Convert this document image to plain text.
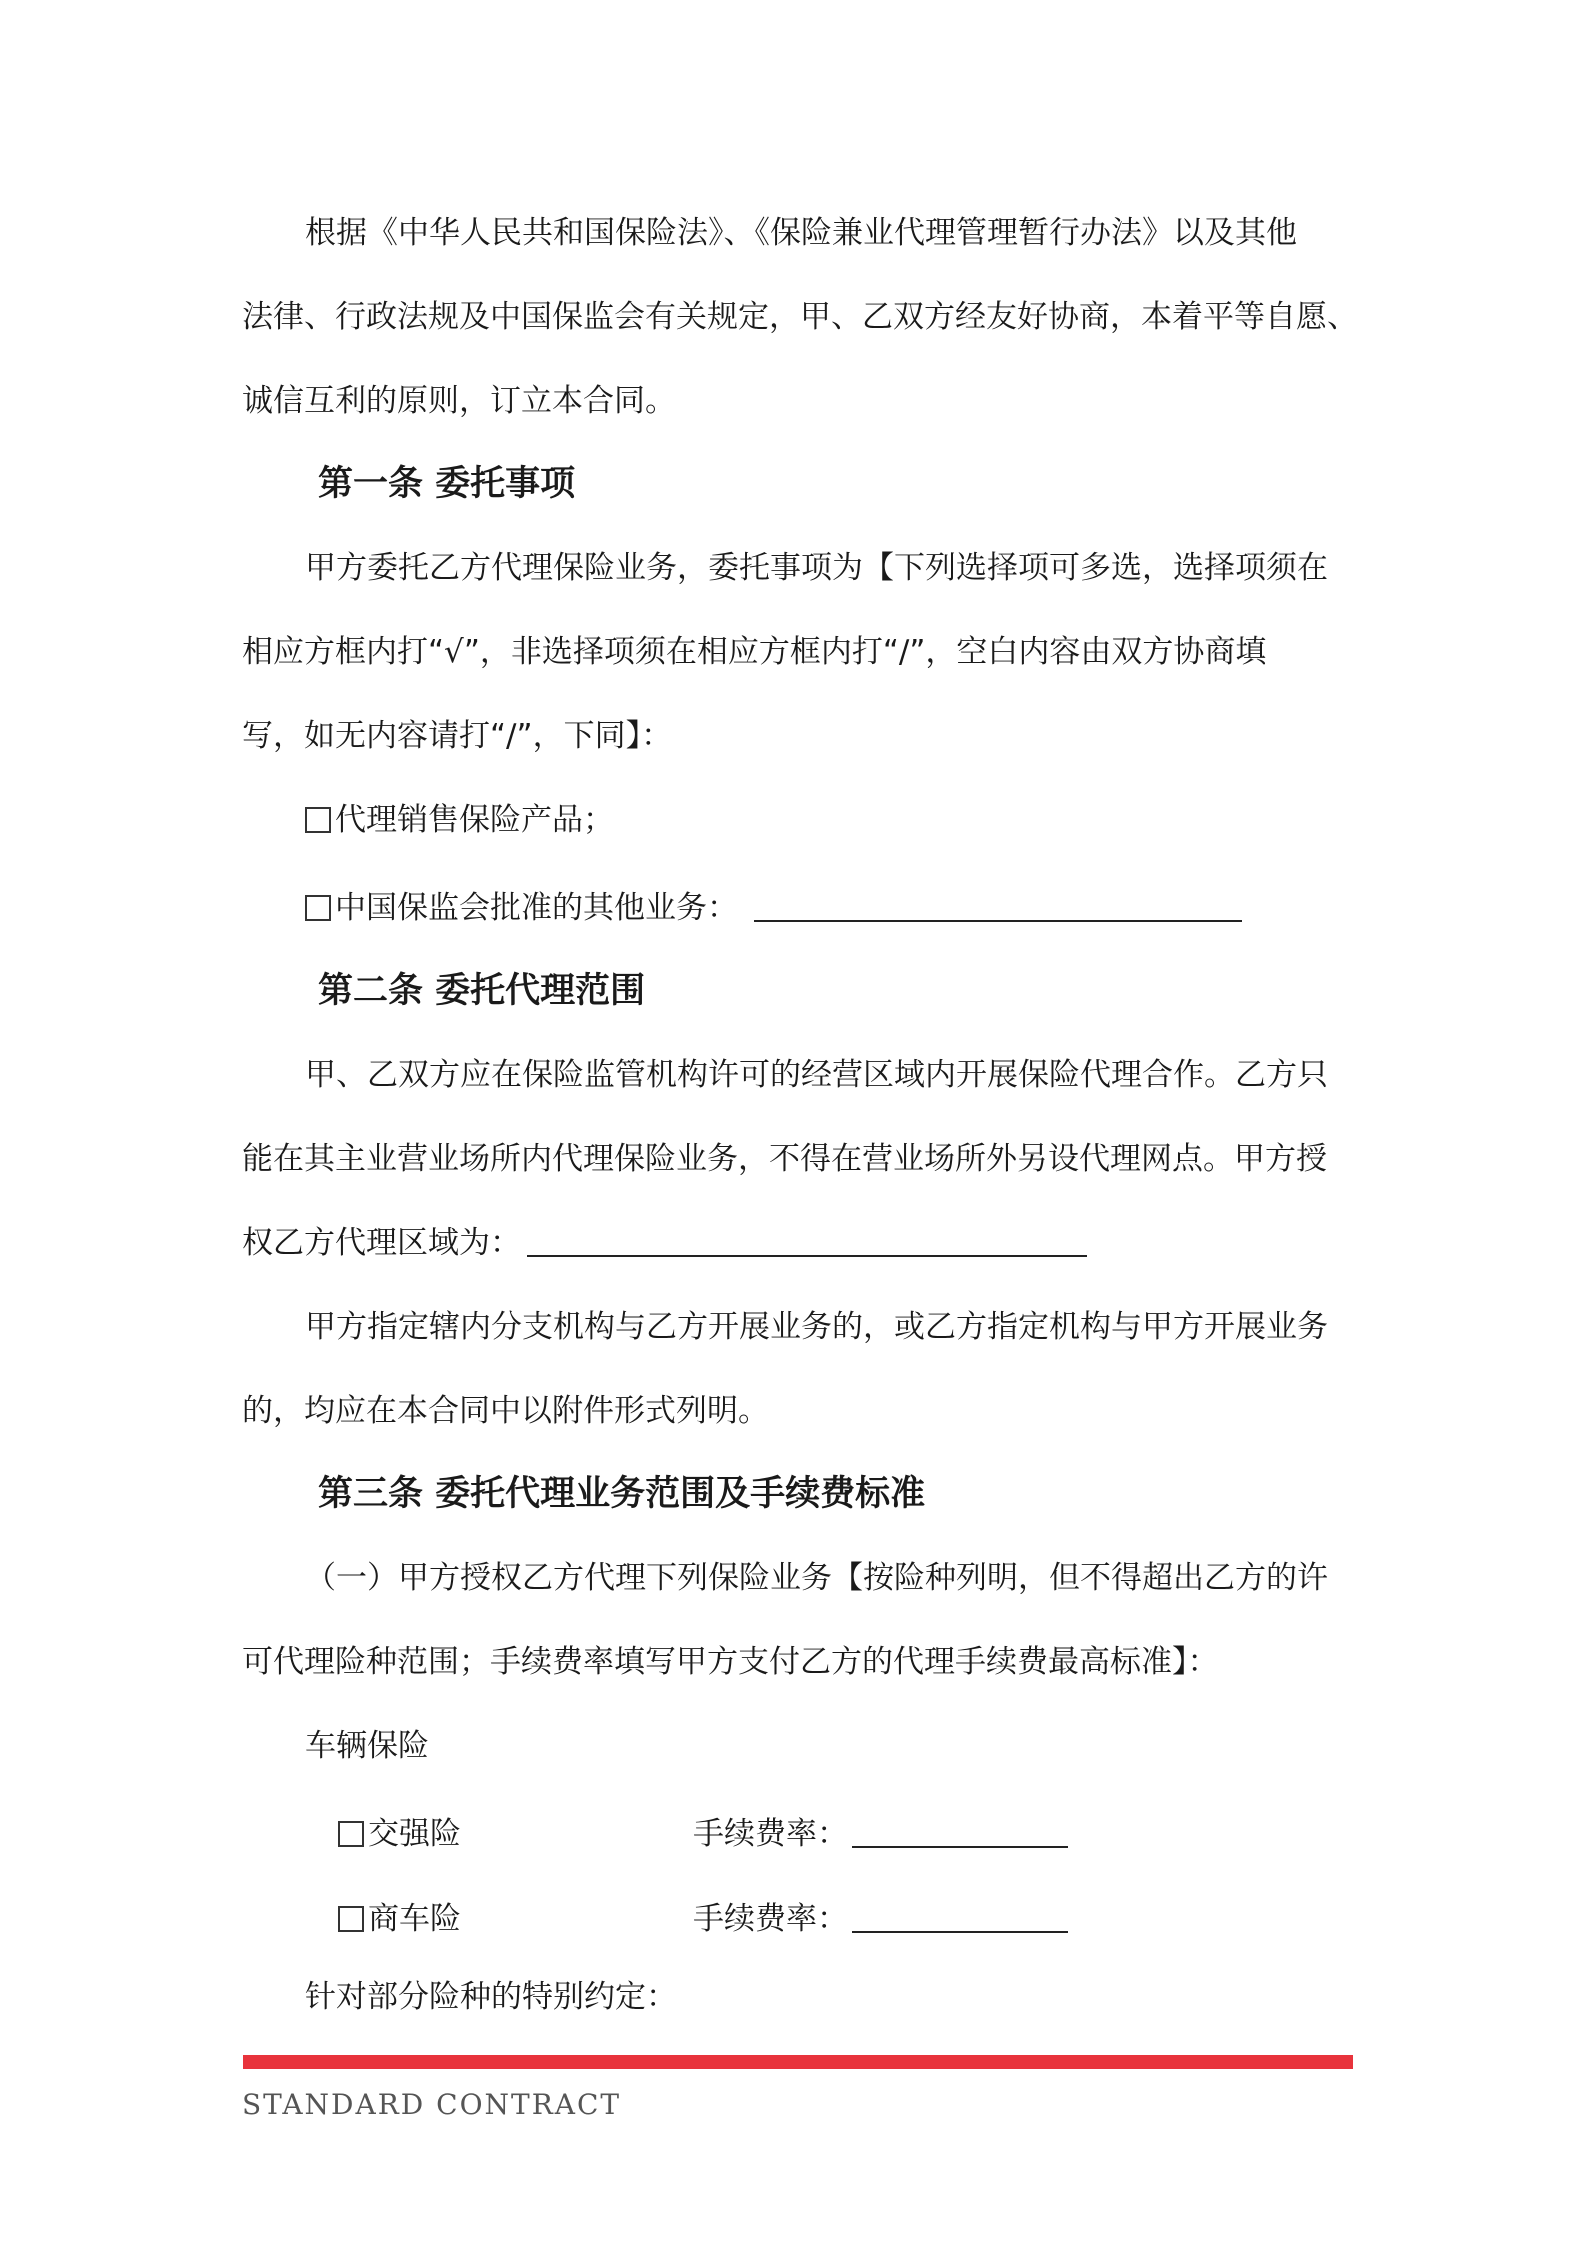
根据《中华人民共和国保险法》、《保险兼业代理管理暂行办法》以及其他
法律、行政法规及中国保监会有关规定，甲、乙双方经友好协商，本着平等自愿、
诚信互利的原则，订立本合同。
第一条 委托事项
甲方委托乙方代理保险业务，委托事项为【下列选择项可多选，选择项须在
相应方框内打“√”，非选择项须在相应方框内打“/”，空白内容由双方协商填
写，如无内容请打“/”，下同】：
代理销售保险产品；
中国保监会批准的其他业务：
第二条 委托代理范围
甲、乙双方应在保险监管机构许可的经营区域内开展保险代理合作。乙方只
能在其主业营业场所内代理保险业务，不得在营业场所外另设代理网点。甲方授
权乙方代理区域为：
甲方指定辖内分支机构与乙方开展业务的，或乙方指定机构与甲方开展业务
的，均应在本合同中以附件形式列明。
第三条 委托代理业务范围及手续费标准
（一）甲方授权乙方代理下列保险业务【按险种列明，但不得超出乙方的许
可代理险种范围；手续费率填写甲方支付乙方的代理手续费最高标准】：
车辆保险
交强险	手续费率：
商车险	手续费率：
针对部分险种的特别约定：
STANDARD CONTRACT
